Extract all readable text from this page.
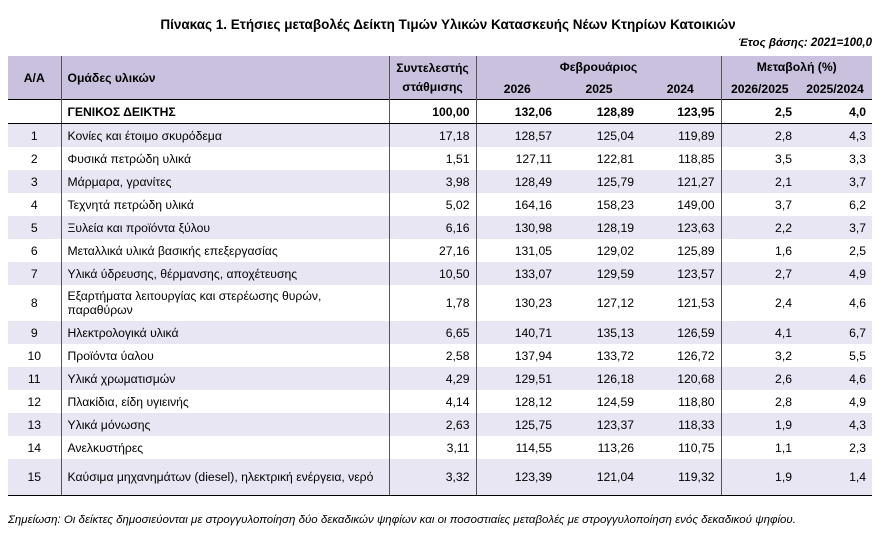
Πίνακας 1. Ετήσιες μεταβολές Δείκτη Τιμών Υλικών Κατασκευής Νέων Κτηρίων Κατοικιών
Έτος βάσης: 2021=100,0
Α/Α	Ομάδες υλικών	Συντελεστής στάθμισης	Φεβρουάριος			Μεταβολή (%)	
			2026	2025	2024	2026/2025	2025/2024
	ΓΕΝΙΚΟΣ ΔΕΙΚΤΗΣ	100,00	132,06	128,89	123,95	2,5	4,0
1	Κονίες και έτοιμο σκυρόδεμα	17,18	128,57	125,04	119,89	2,8	4,3
2	Φυσικά πετρώδη υλικά	1,51	127,11	122,81	118,85	3,5	3,3
3	Μάρμαρα, γρανίτες	3,98	128,49	125,79	121,27	2,1	3,7
4	Τεχνητά πετρώδη υλικά	5,02	164,16	158,23	149,00	3,7	6,2
5	Ξυλεία και προϊόντα ξύλου	6,16	130,98	128,19	123,63	2,2	3,7
6	Μεταλλικά υλικά βασικής επεξεργασίας	27,16	131,05	129,02	125,89	1,6	2,5
7	Υλικά ύδρευσης, θέρμανσης, αποχέτευσης	10,50	133,07	129,59	123,57	2,7	4,9
8	Εξαρτήματα λειτουργίας και στερέωσης θυρών, παραθύρων	1,78	130,23	127,12	121,53	2,4	4,6
9	Ηλεκτρολογικά υλικά	6,65	140,71	135,13	126,59	4,1	6,7
10	Προϊόντα ύαλου	2,58	137,94	133,72	126,72	3,2	5,5
11	Υλικά χρωματισμών	4,29	129,51	126,18	120,68	2,6	4,6
12	Πλακίδια, είδη υγιεινής	4,14	128,12	124,59	118,80	2,8	4,9
13	Υλικά μόνωσης	2,63	125,75	123,37	118,33	1,9	4,3
14	Ανελκυστήρες	3,11	114,55	113,26	110,75	1,1	2,3
15	Καύσιμα μηχανημάτων (diesel), ηλεκτρική ενέργεια, νερό	3,32	123,39	121,04	119,32	1,9	1,4
Σημείωση: Οι δείκτες δημοσιεύονται με στρογγυλοποίηση δύο δεκαδικών ψηφίων και οι ποσοστιαίες μεταβολές με στρογγυλοποίηση ενός δεκαδικού ψηφίου.
